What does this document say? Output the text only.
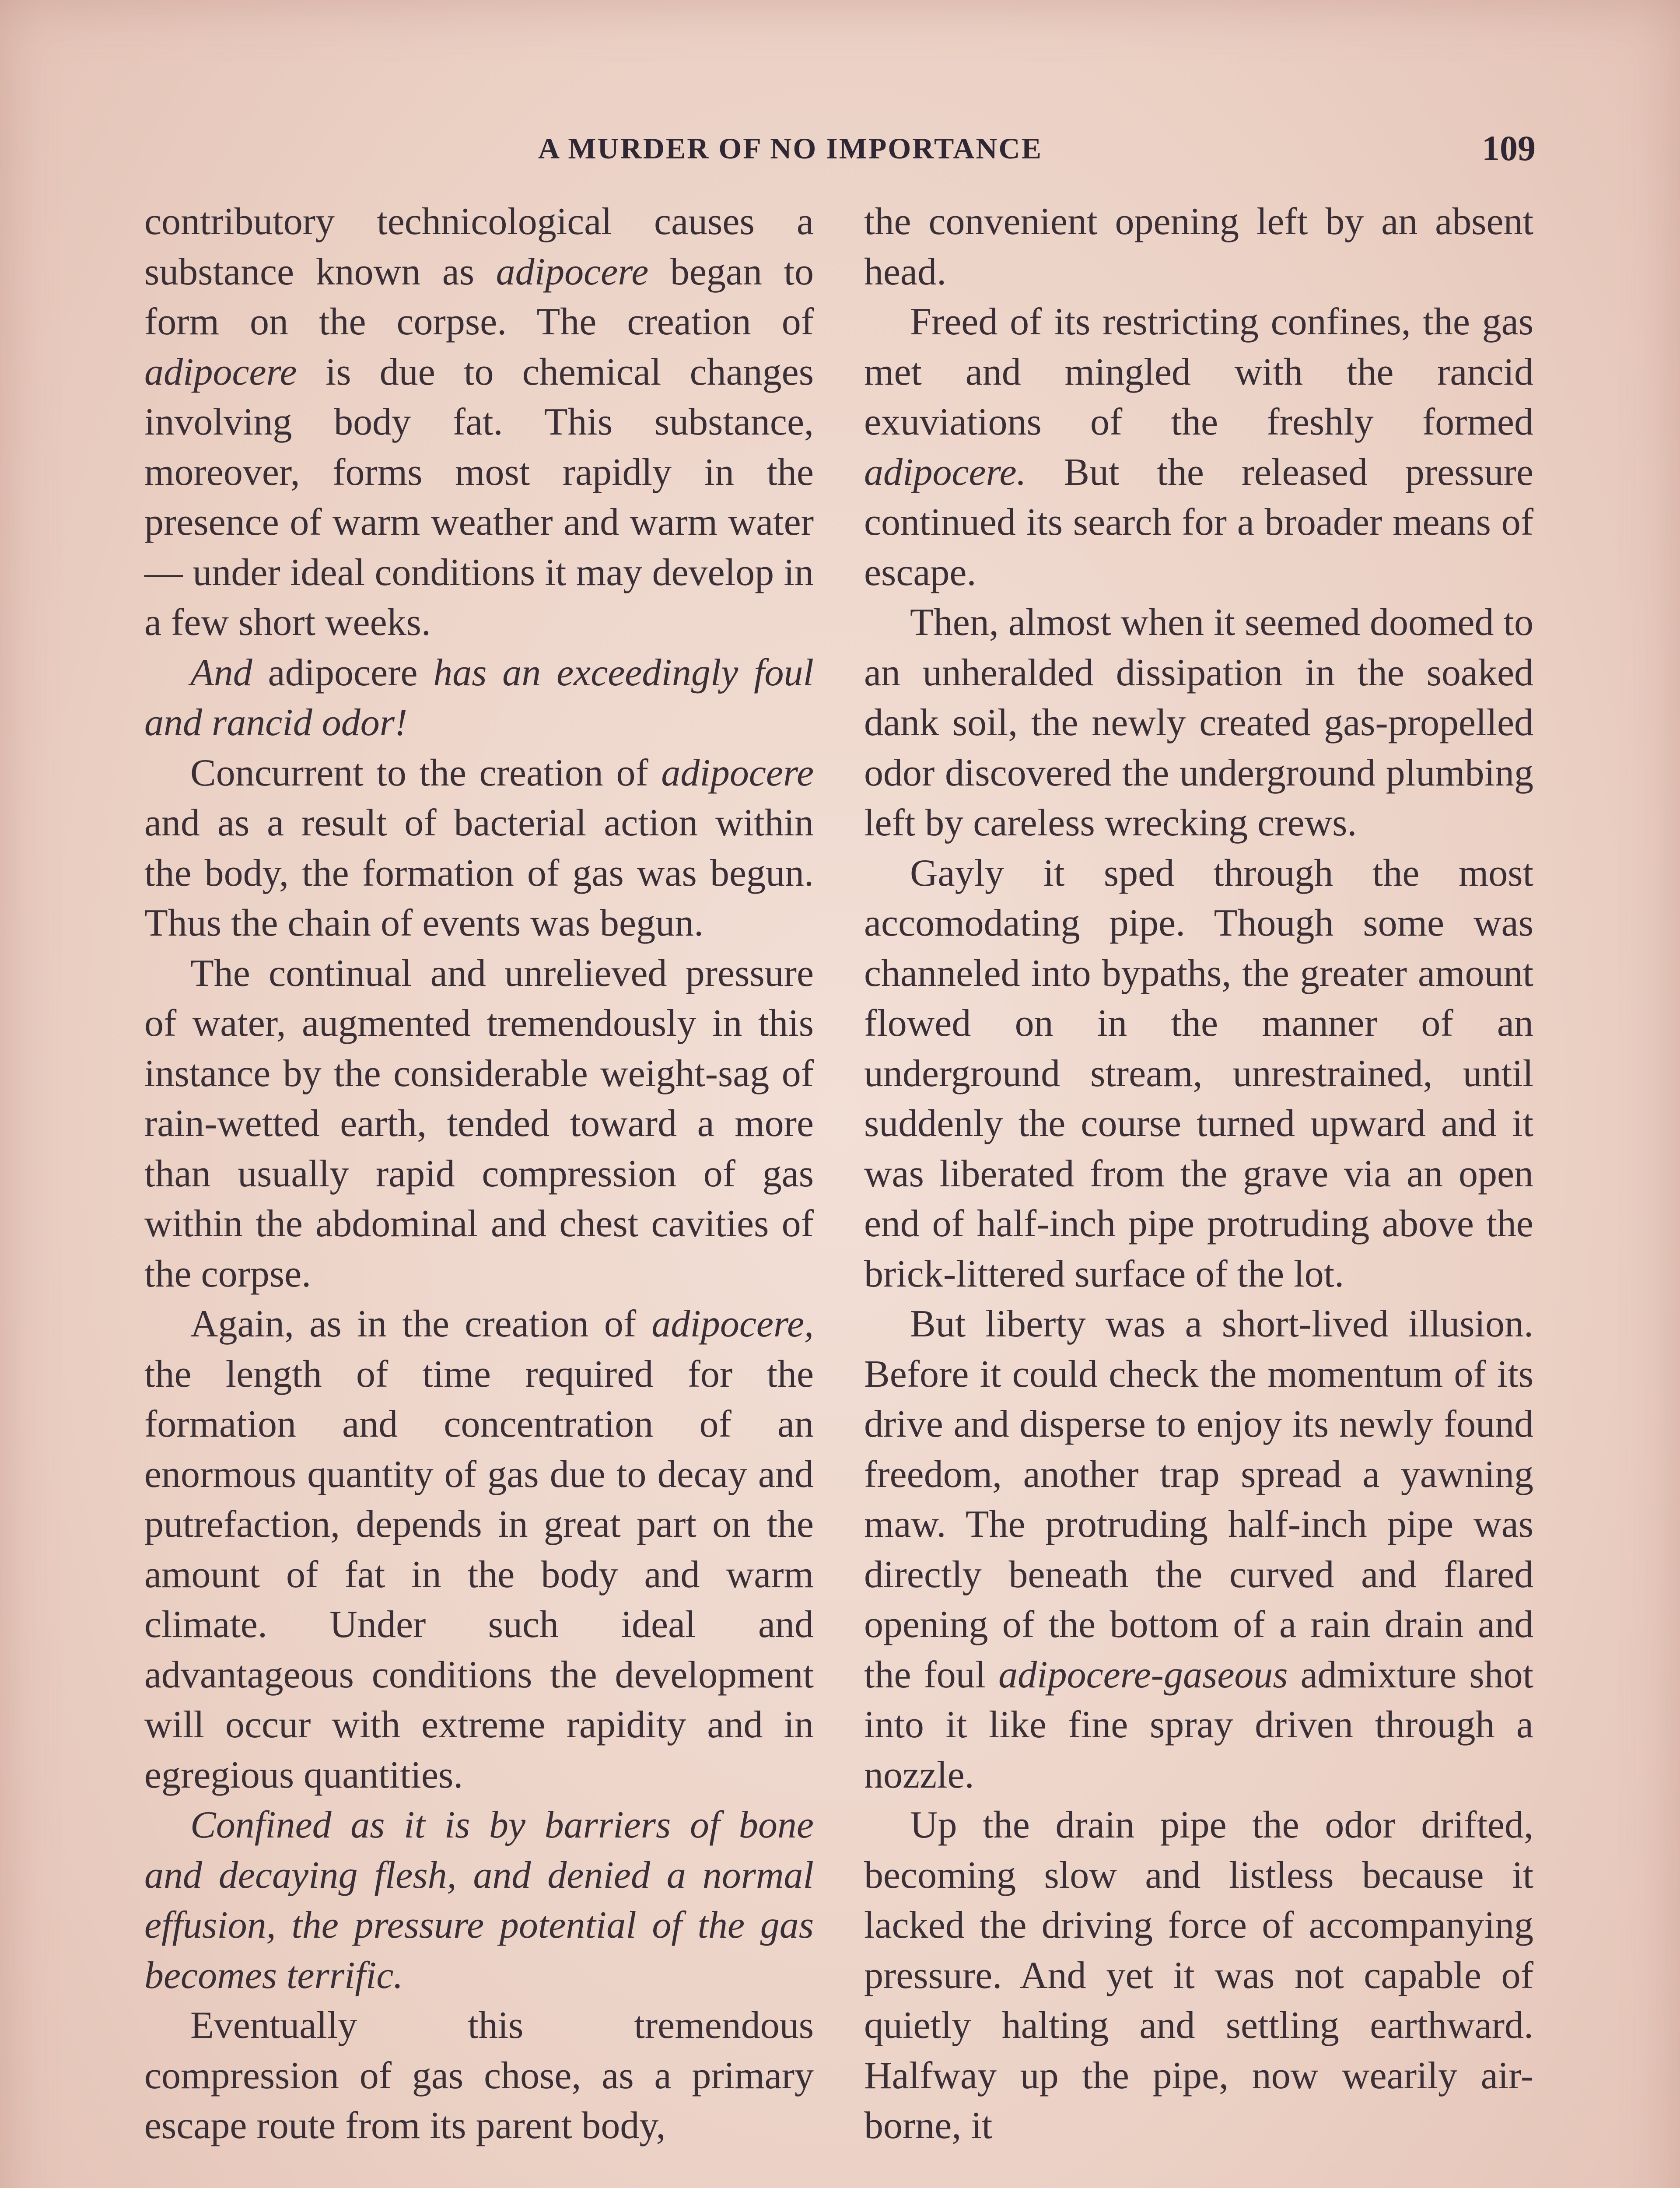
A MURDER OF NO IMPORTANCE	109

contributory technicological causes a substance known as adipocere began to form on the corpse. The creation of adipocere is due to chemical changes involving body fat. This substance, moreover, forms most rapidly in the presence of warm weather and warm water— under ideal conditions it may develop in a few short weeks.

And adipocere has an exceedingly foul and rancid odor!

Concurrent to the creation of adipocere and as a result of bacterial action within the body, the formation of gas was begun. Thus the chain of events was begun.

The continual and unrelieved pressure of water, augmented tremendously in this instance by the considerable weight-sag of rain-wetted earth, tended toward a more than usually rapid compression of gas within the abdominal and chest cavities of the corpse.

Again, as in the creation of adipocere, the length of time required for the formation and concentration of an enormous quantity of gas due to decay and putrefaction, depends in great part on the amount of fat in the body and warm climate. Under such ideal and advantageous conditions the development will occur with extreme rapidity and in egregious quantities.

Confined as it is by barriers of bone and decaying flesh, and denied a normal effusion, the pressure potential of the gas becomes terrific.

Eventually this tremendous compression of gas chose, as a primary escape route from its parent body,

the convenient opening left by an absent head.

Freed of its restricting confines, the gas met and mingled with the rancid exuviations of the freshly formed adipocere. But the released pressure continued its search for a broader means of escape.

Then, almost when it seemed doomed to an unheralded dissipation in the soaked dank soil, the newly created gas-propelled odor discovered the underground plumbing left by careless wrecking crews.

Gayly it sped through the most accomodating pipe. Though some was channeled into bypaths, the greater amount flowed on in the manner of an underground stream, unrestrained, until suddenly the course turned upward and it was liberated from the grave via an open end of half-inch pipe protruding above the brick-littered surface of the lot.

But liberty was a short-lived illusion. Before it could check the momentum of its drive and disperse to enjoy its newly found freedom, another trap spread a yawning maw. The protruding half-inch pipe was directly beneath the curved and flared opening of the bottom of a rain drain and the foul adipocere-gaseous admixture shot into it like fine spray driven through a nozzle.

Up the drain pipe the odor drifted, becoming slow and listless because it lacked the driving force of accompanying pressure. And yet it was not capable of quietly halting and settling earthward. Halfway up the pipe, now wearily air-borne, it
